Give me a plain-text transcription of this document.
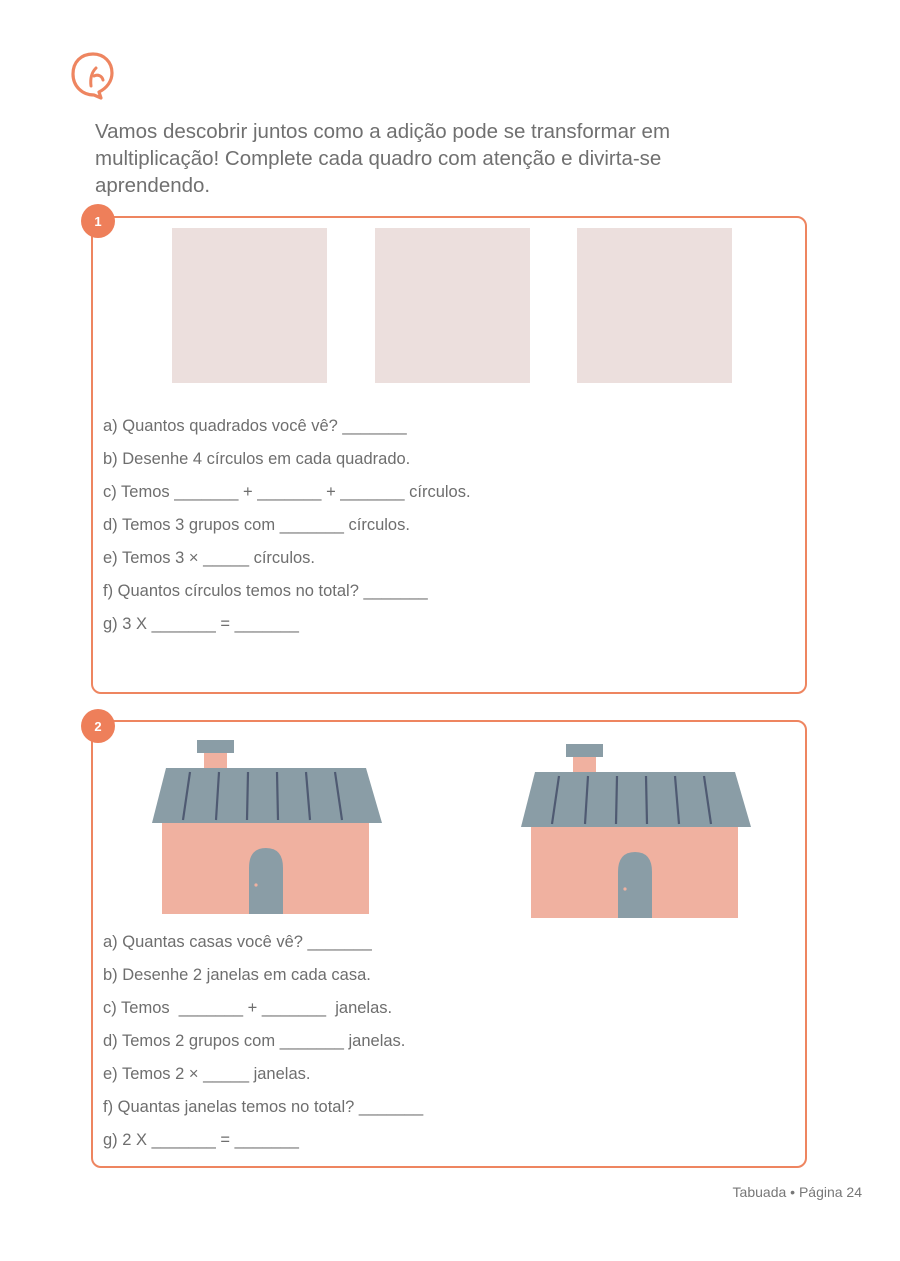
Vamos descobrir juntos como a adição pode se transformar em multiplicação! Complete cada quadro com atenção e divirta-se aprendendo.
1
a) Quantos quadrados você vê? _______
b) Desenhe 4 círculos em cada quadrado.
c) Temos _______ + _______ + _______ círculos.
d) Temos 3 grupos com _______ círculos.
e) Temos 3 × _____ círculos.
f) Quantos círculos temos no total? _______
g) 3 X _______ = _______
2
a) Quantas casas você vê? _______
b) Desenhe 2 janelas em cada casa.
c) Temos  _______ + _______  janelas.
d) Temos 2 grupos com _______ janelas.
e) Temos 2 × _____ janelas.
f) Quantas janelas temos no total? _______
g) 2 X _______ = _______
Tabuada • Página 24
